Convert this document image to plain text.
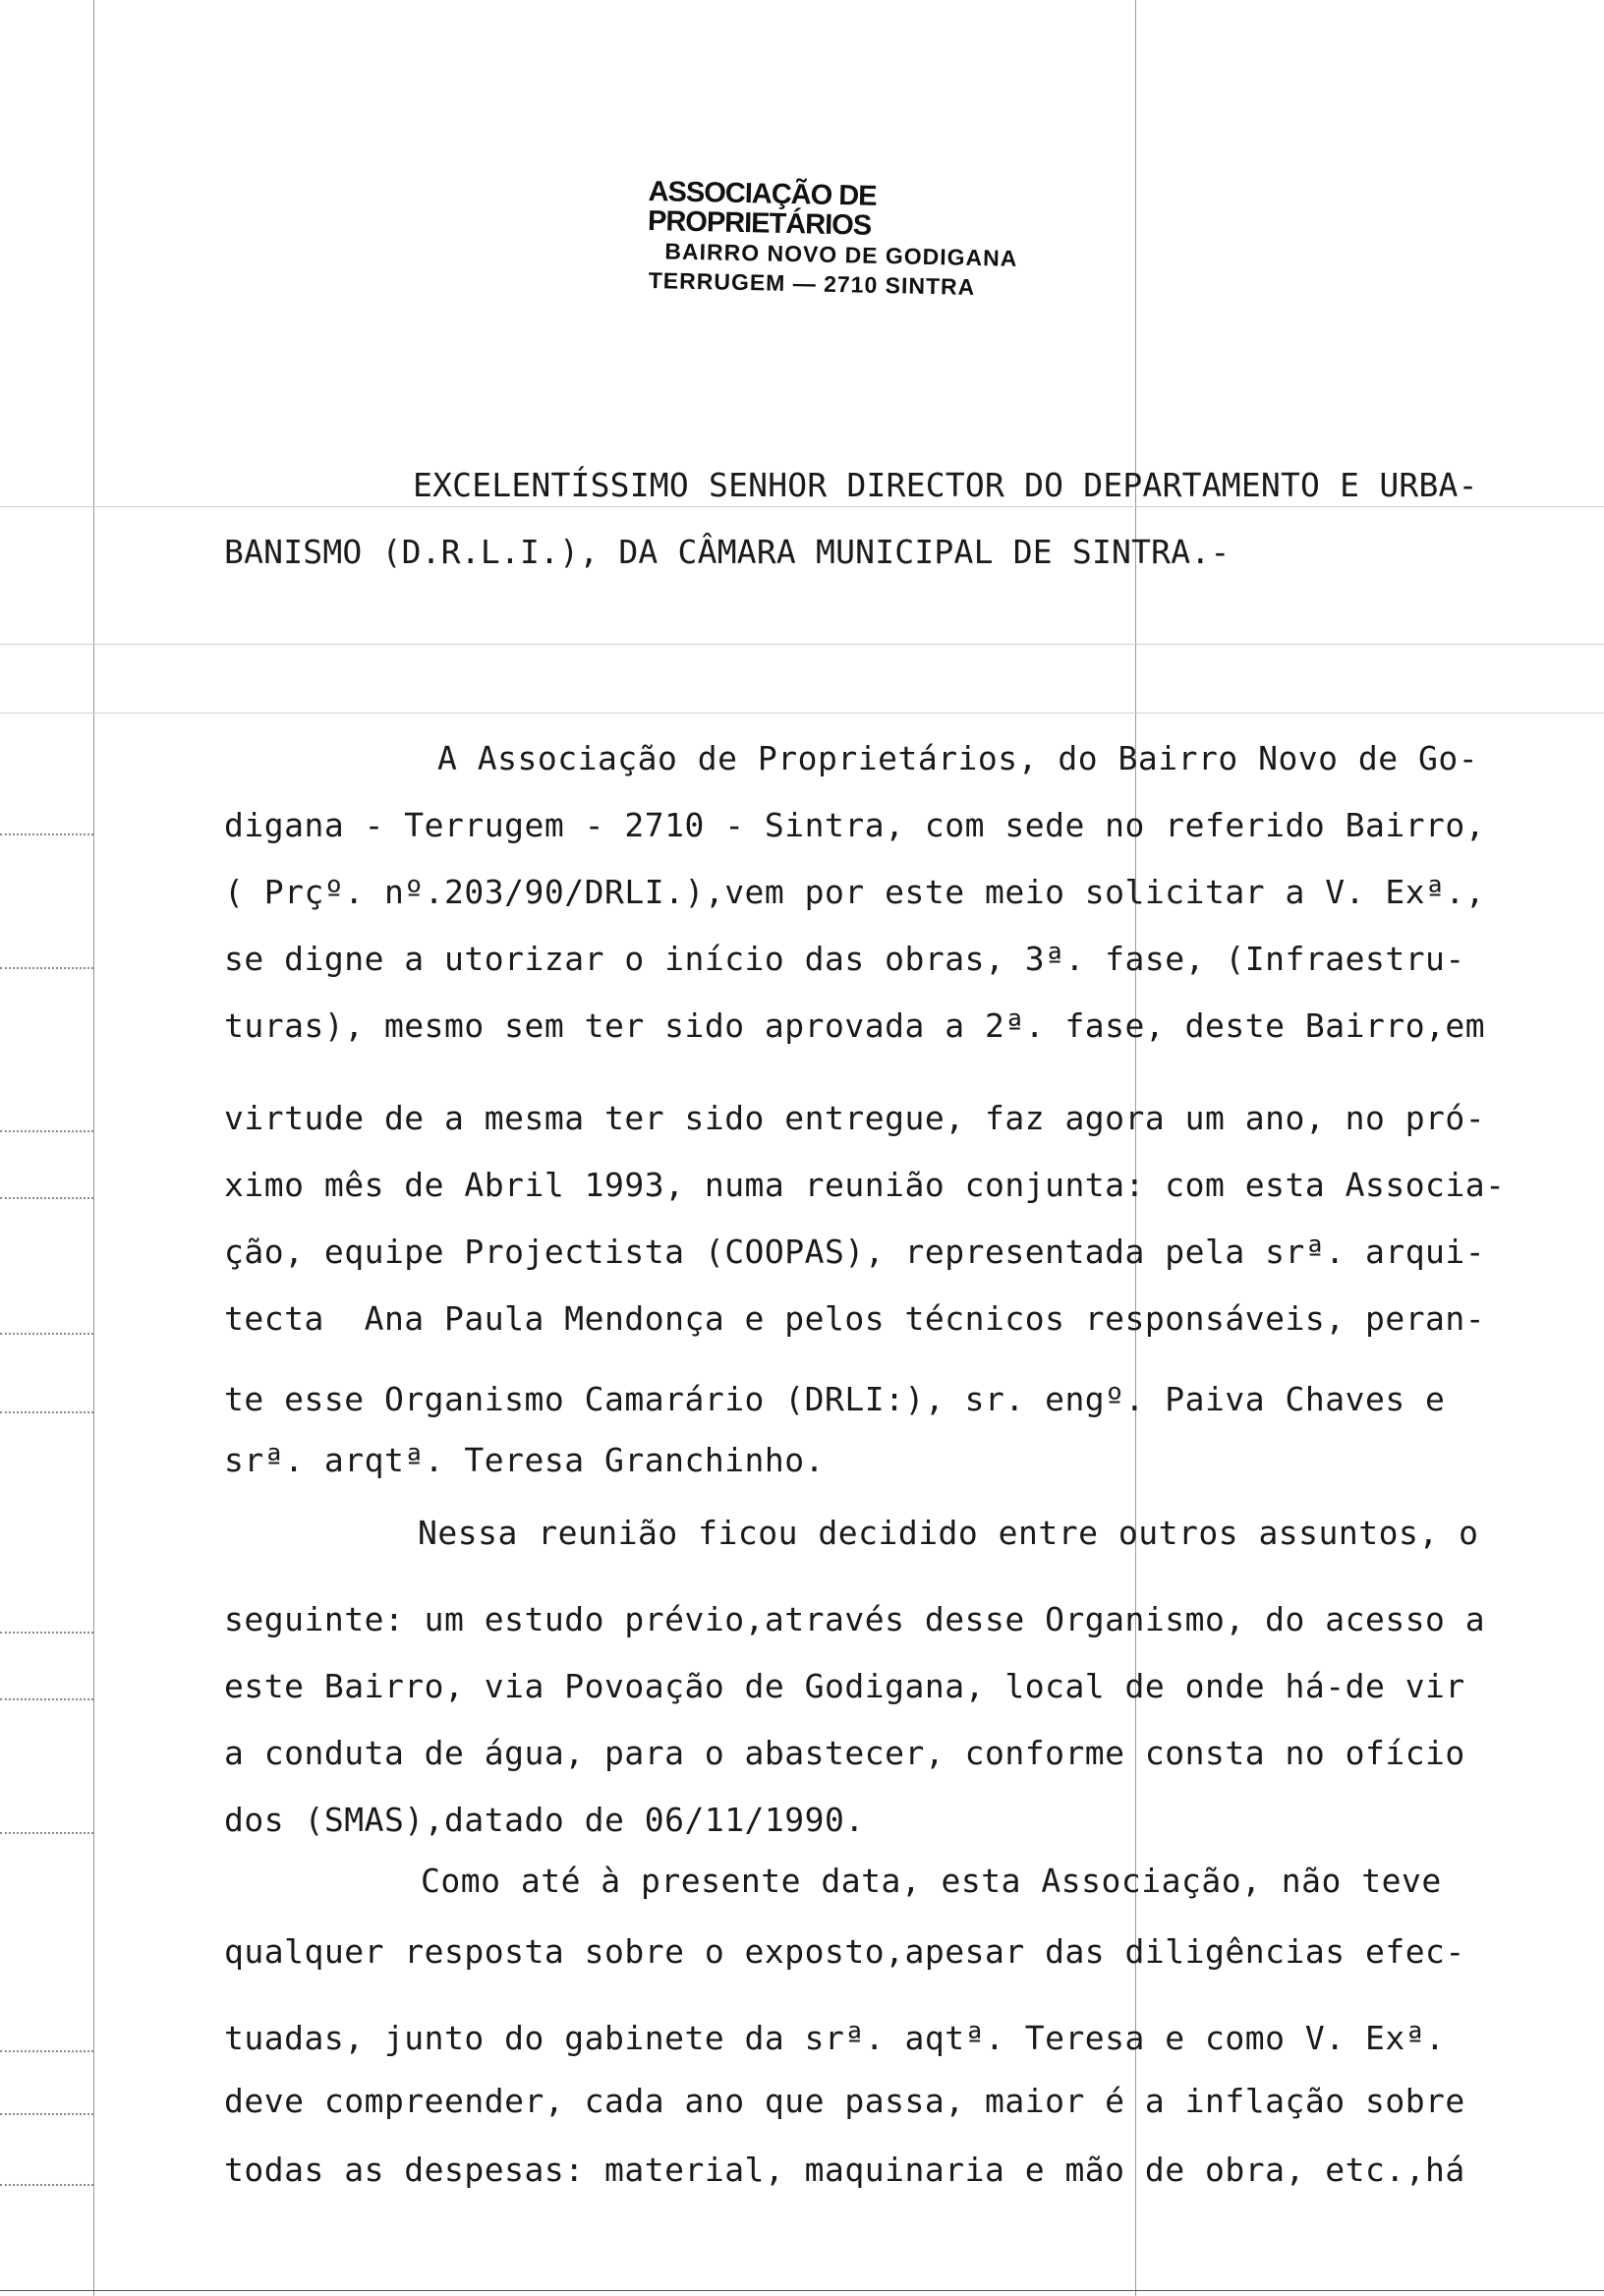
ASSOCIAÇÃO DE PROPRIETÁRIOS
BAIRRO NOVO DE GODIGANA
TERRUGEM — 2710 SINTRA
EXCELENTÍSSIMO SENHOR DIRECTOR DO DEPARTAMENTO E URBA-
BANISMO (D.R.L.I.), DA CÂMARA MUNICIPAL DE SINTRA.-
A Associação de Proprietários, do Bairro Novo de Go-
digana - Terrugem - 2710 - Sintra, com sede no referido Bairro,
( Prçº. nº.203/90/DRLI.),vem por este meio solicitar a V. Exª.,
se digne a utorizar o início das obras, 3ª. fase, (Infraestru-
turas), mesmo sem ter sido aprovada a 2ª. fase, deste Bairro,em
virtude de a mesma ter sido entregue, faz agora um ano, no pró-
ximo mês de Abril 1993, numa reunião conjunta: com esta Associa-
ção, equipe Projectista (COOPAS), representada pela srª. arqui-
tecta  Ana Paula Mendonça e pelos técnicos responsáveis, peran-
te esse Organismo Camarário (DRLI:), sr. engº. Paiva Chaves e
srª. arqtª. Teresa Granchinho.
Nessa reunião ficou decidido entre outros assuntos, o
seguinte: um estudo prévio,através desse Organismo, do acesso a
este Bairro, via Povoação de Godigana, local de onde há-de vir
a conduta de água, para o abastecer, conforme consta no ofício
dos (SMAS),datado de 06/11/1990.
Como até à presente data, esta Associação, não teve
qualquer resposta sobre o exposto,apesar das diligências efec-
tuadas, junto do gabinete da srª. aqtª. Teresa e como V. Exª.
deve compreender, cada ano que passa, maior é a inflação sobre
todas as despesas: material, maquinaria e mão de obra, etc.,há
